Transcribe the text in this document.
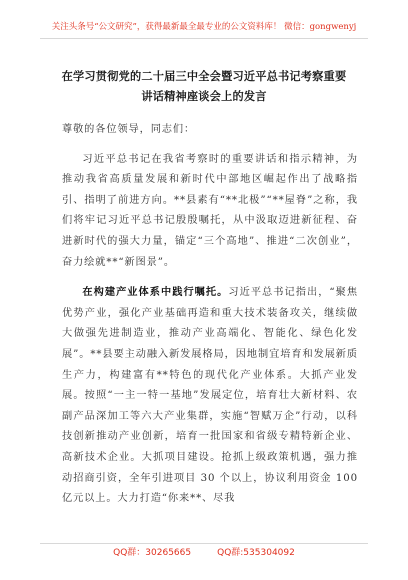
关注头条号“公文研究”，获得最新最全最专业的公文资料库！ 微信：gongwenyj
在学习贯彻党的二十届三中全会暨习近平总书记考察重要
讲话精神座谈会上的发言

尊敬的各位领导，同志们：

习近平总书记在我省考察时的重要讲话和指示精神，为推动我省高质量发展和新时代中部地区崛起作出了战略指引、指明了前进方向。**县素有“**北极”“**屋脊”之称，我们将牢记习近平总书记殷殷嘱托，从中汲取迈进新征程、奋进新时代的强大力量，锚定“三个高地”、推进“二次创业”，奋力绘就**“新图景”。

在构建产业体系中践行嘱托。习近平总书记指出，“聚焦优势产业，强化产业基础再造和重大技术装备攻关，继续做大做强先进制造业，推动产业高端化、智能化、绿色化发展”。**县要主动融入新发展格局，因地制宜培育和发展新质生产力，构建富有**特色的现代化产业体系。大抓产业发展。按照“一主一特一基地”发展定位，培育壮大新材料、农副产品深加工等六大产业集群，实施“智赋万企”行动，以科技创新推动产业创新，培育一批国家和省级专精特新企业、高新技术企业。大抓项目建设。抢抓上级政策机遇，强力推动招商引资，全年引进项目 30 个以上，协议利用资金 100 亿元以上。大力打造“你来**、尽我

QQ群：30265665	QQ群:535304092
